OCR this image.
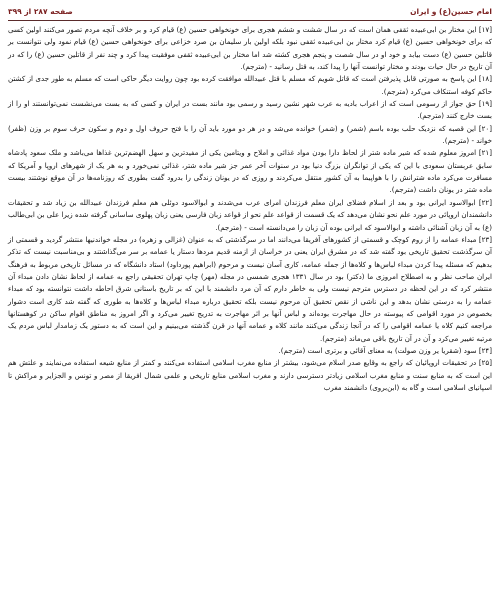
امام حسین(ع) و ایران
صفحه ۲۸۷ از ۳۹۹

[۱۷] این مختار بن ابی‌عبیده ثقفی همان است که در سال ششت و ششم هجری برای خونخواهی حسین (ع) قیام کرد و بر خلاف آنچه مردم تصور می‌کنند اولین کسی که برای خونخواهی حسین (ع) قیام کرد مختار بن ابی‌عبیده ثقفی نبود بلکه اولین بار سلیمان بن صرد خزاعی برای خونخواهی حسین (ع) قیام نمود ولی نتوانست بر قاتلین حسین (ع) دست بیابد و خود او در سال شصت و پنجم هجری کشته شد اما مختار بن ابی‌عبیده ثقفی موفقیت پیدا کرد و چند نفر از قاتلین حسین (ع) را که در آن تاریخ در حال حیات بودند و مختار توانست آنها را پیدا کند، به قتل رسانید - (مترجم).

[۱۸] این پاسخ به صورتی قابل پذیرفتن است که قاتل شویم که مسلم با قتل عبیدالله موافقت کرده بود چون روایت دیگر حاکی است که مسلم به طور جدی از کشتن حاکم کوفه استنکاف می‌کرد (مترجم).

[۱۹] حق جواز از رسومی است که از اعراب بادیه به عرب شهر نشین رسید و رسمی بود مانند بست در ایران و کسی که به بست می‌نشست نمی‌توانستند او را از بست خارج کنند (مترجم).

[۲۰] این قصبه که نزدیک حلب بوده باسم (شمر) و (شمر) خوانده می‌شد و در هر دو مورد باید آن را با فتح حروف اول و دوم و سکون حرف سوم بر وزن (ظفر) خواند - (مترجم).

[۲۱] امروز معلوم شده که شیر ماده شتر از لحاظ دارا بودن مواد غذائی و املاح و ویتامین یکی از مفیدترین و سهل الهضم‌ترین غذاها می‌باشد و ملک سعود پادشاه سابق عربستان سعودی با این که یکی از توانگران بزرگ دنیا بود در سنوات آخر عمر جز شیر ماده شتر، غذائی نمی‌خورد و به هر یک از شهرهای اروپا و آمریکا که مسافرت می‌کرد ماده شترانش را با هواپیما به آن کشور منتقل می‌کردند و روزی که در یونان زندگی را بدرود گفت بطوری که روزنامه‌ها در آن موقع نوشتند بیست ماده شتر در یونان داشت (مترجم).

[۲۲] ابوالاسود ایرانی بود و بعد از اسلام فضلای ایران معلم فرزندان امرای عرب می‌شدند و ابوالاسود دوئلی هم معلم فرزندان عبیدالله بن زیاد شد و تحقیقات دانشمندان اروپائی در مورد علم نحو نشان می‌دهد که یک قسمت از قواعد علم نحو از قواعد زبان فارسی یعنی زبان پهلوی ساسانی گرفته شده زیرا علی بن ابی‌طالب (ع) به آن زبان آشنائی داشته و ابوالاسود که ایرانی بوده آن زبان را می‌دانسته است - (مترجم).

[۲۳] مبداء عمامه را از روم کوچک و قسمتی از کشورهای آفریقا می‌دانند اما در سرگذشتی که به عنوان (غزالی و زهره) در مجله خواندنیها منتشر گردید و قسمتی از آن سرگذشت تحقیق تاریخی بود گفته شد که در مشرق ایران یعنی در خراسان از ازمنه قدیم مردها دستار یا عمامه بر سر می‌گذاشتند و بی‌مناسبت نیست که تذکر بدهیم که مسئله پیدا کردن مبداء لباس‌ها و کلاه‌ها از جمله عمامه، کاری آسان نیست و مرحوم (ابراهیم پورداود) استاد دانشگاه که در مسائل تاریخی مربوط به فرهنگ ایران صاحب نظر و به اصطلاح امروزی ما (دکتر) بود در سال ۱۳۳۱ هجری شمسی در مجله (مهر) چاپ تهران تحقیقی راجع به عمامه از لحاظ نشان دادن مبداء آن منتشر کرد که در این لحظه در دسترس مترجم نیست ولی به خاطر دارم که آن مرد دانشمند با این که بر تاریخ باستانی شرق احاطه داشت نتوانسته بود که مبداء عمامه را به درستی نشان بدهد و این ناشی از نقص تحقیق آن مرحوم نیست بلکه تحقیق درباره مبداء لباس‌ها و کلاه‌ها به طوری که گفته شد کاری است دشوار بخصوص در مورد اقوامی که پیوسته در حال مهاجرت بوده‌اند و لباس آنها بر اثر مهاجرت به تدریج تغییر می‌کرد و اگر امروز به مناطق اقوام ساکن در کوهستانها مراجعه کنیم کلاه یا عمامه اقوامی را که در آنجا زندگی می‌کنند مانند کلاه و عمامه آنها در قرن گذشته می‌بینیم و این است که به دستور یک زمامدار لباس مردم یک مرتبه تغییر می‌کرد و آن در آن تاریخ باقی می‌ماند (مترجم).

[۲۴] سود (شقریا یر وزن صولت) به معنای آقائی و برتری است (مترجم).

[۲۵] در تحقیقات اروپائیان که راجع به وقایع صدر اسلام می‌شود، بیشتر از منابع مغرب اسلامی استفاده می‌کنند و کمتر از منابع شیعه استفاده می‌نمایند و علتش هم این است که به منابع سنت و منابع مغرب اسلامی زیادتر دسترسی دارند و مغرب اسلامی منابع تاریخی و علمی شمال افریقا از مصر و تونس و الجزایر و مراکش تا اسپانیای اسلامی است و گاه به (ابن‌بروی) دانشمند مغرب
